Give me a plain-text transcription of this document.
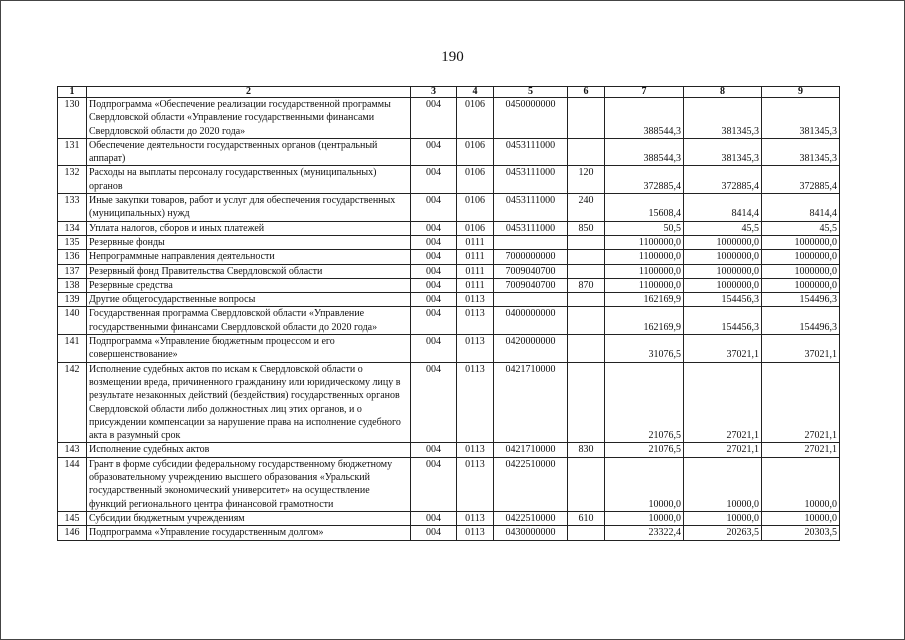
190
1	2	3	4	5	6	7	8	9
130	Подпрограмма «Обеспечение реализации государственной программы Свердловской области «Управление государственными финансами Свердловской области до 2020 года»	004	0106	0450000000		388544,3	381345,3	381345,3
131	Обеспечение деятельности государственных органов (центральный аппарат)	004	0106	0453111000		388544,3	381345,3	381345,3
132	Расходы на выплаты персоналу государственных (муниципальных) органов	004	0106	0453111000	120	372885,4	372885,4	372885,4
133	Иные закупки товаров, работ и услуг для обеспечения государственных (муниципальных) нужд	004	0106	0453111000	240	15608,4	8414,4	8414,4
134	Уплата налогов, сборов и иных платежей	004	0106	0453111000	850	50,5	45,5	45,5
135	Резервные фонды	004	0111			1100000,0	1000000,0	1000000,0
136	Непрограммные направления деятельности	004	0111	7000000000		1100000,0	1000000,0	1000000,0
137	Резервный фонд Правительства Свердловской области	004	0111	7009040700		1100000,0	1000000,0	1000000,0
138	Резервные средства	004	0111	7009040700	870	1100000,0	1000000,0	1000000,0
139	Другие общегосударственные вопросы	004	0113			162169,9	154456,3	154496,3
140	Государственная программа Свердловской области «Управление государственными финансами Свердловской области до 2020 года»	004	0113	0400000000		162169,9	154456,3	154496,3
141	Подпрограмма «Управление бюджетным процессом и его совершенствование»	004	0113	0420000000		31076,5	37021,1	37021,1
142	Исполнение судебных актов по искам к Свердловской области о возмещении вреда, причиненного гражданину или юридическому лицу в результате незаконных действий (бездействия) государственных органов Свердловской области либо должностных лиц этих органов, и о присуждении компенсации за нарушение права на исполнение судебного акта в разумный срок	004	0113	0421710000		21076,5	27021,1	27021,1
143	Исполнение судебных актов	004	0113	0421710000	830	21076,5	27021,1	27021,1
144	Грант в форме субсидии федеральному государственному бюджетному образовательному учреждению высшего образования «Уральский государственный экономический университет» на осуществление функций регионального центра финансовой грамотности	004	0113	0422510000		10000,0	10000,0	10000,0
145	Субсидии бюджетным учреждениям	004	0113	0422510000	610	10000,0	10000,0	10000,0
146	Подпрограмма «Управление государственным долгом»	004	0113	0430000000		23322,4	20263,5	20303,5
